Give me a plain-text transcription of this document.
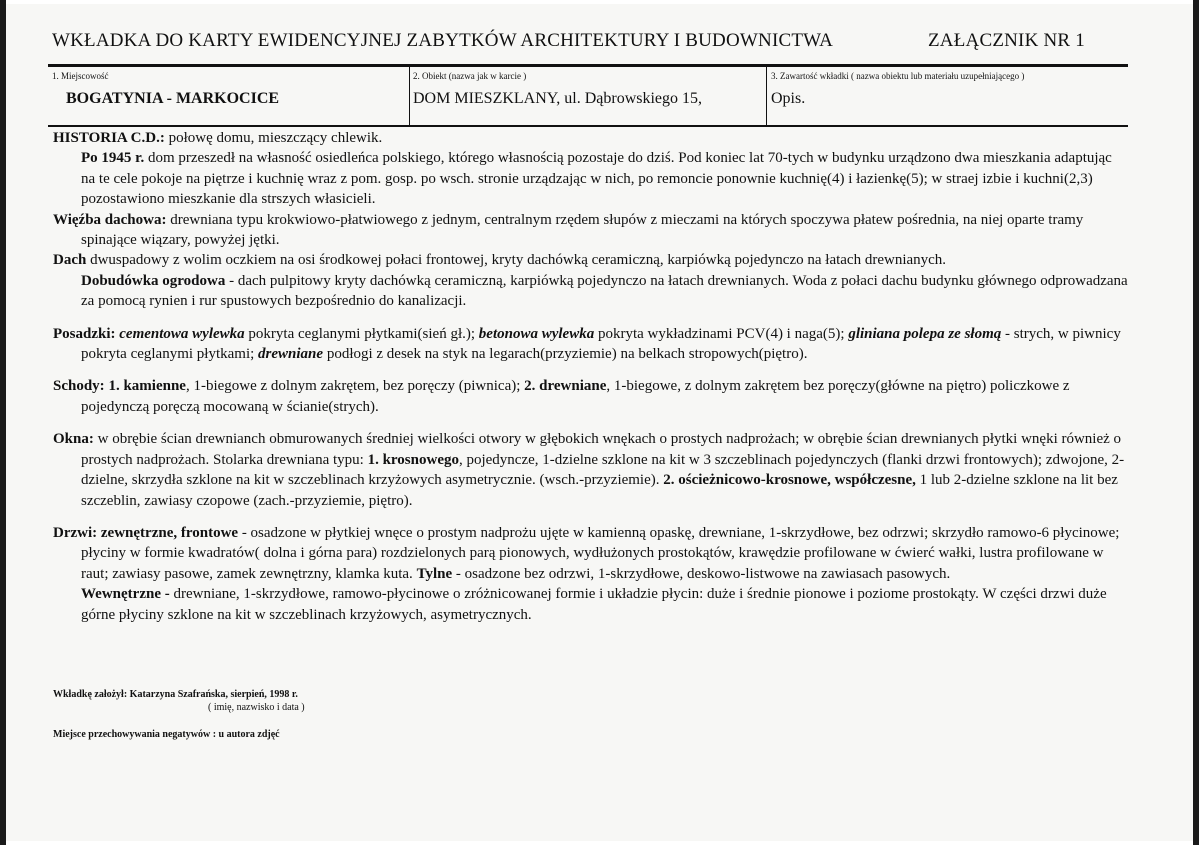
WKŁADKA DO KARTY EWIDENCYJNEJ ZABYTKÓW ARCHITEKTURY I BUDOWNICTWA	ZAŁĄCZNIK NR 1
1. Miejscowość
BOGATYNIA - MARKOCICE
2. Obiekt (nazwa jak w karcie )
DOM MIESZKLANY, ul. Dąbrowskiego 15,
3. Zawartość wkładki ( nazwa obiektu lub materiału uzupełniającego )
Opis.

HISTORIA C.D.: połowę domu, mieszczący chlewik.

Po 1945 r. dom przeszedł na własność osiedleńca polskiego, którego własnością pozostaje do dziś. Pod koniec lat 70-tych w budynku urządzono dwa mieszkania adaptując na te cele pokoje na piętrze i kuchnię wraz z pom. gosp. po wsch. stronie urządzając w nich, po remoncie ponownie kuchnię(4) i łazienkę(5); w straej izbie i kuchni(2,3) pozostawiono mieszkanie dla strszych własicieli.

Więźba dachowa: drewniana typu krokwiowo-płatwiowego z jednym, centralnym rzędem słupów z mieczami na których spoczywa płatew pośrednia, na niej oparte tramy spinające wiązary, powyżej jętki.

Dach dwuspadowy z wolim oczkiem na osi środkowej połaci frontowej, kryty dachówką ceramiczną, karpiówką pojedynczo na łatach drewnianych.

Dobudówka ogrodowa - dach pulpitowy kryty dachówką ceramiczną, karpiówką pojedynczo na łatach drewnianych. Woda z połaci dachu budynku głównego odprowadzana za pomocą rynien i rur spustowych bezpośrednio do kanalizacji.

Posadzki: cementowa wylewka pokryta ceglanymi płytkami(sień gł.); betonowa wylewka pokryta wykładzinami PCV(4) i naga(5); gliniana polepa ze słomą - strych, w piwnicy pokryta ceglanymi płytkami; drewniane podłogi z desek na styk na legarach(przyziemie) na belkach stropowych(piętro).

Schody: 1. kamienne, 1-biegowe z dolnym zakrętem, bez poręczy (piwnica); 2. drewniane, 1-biegowe, z dolnym zakrętem bez poręczy(główne na piętro) policzkowe z pojedynczą poręczą mocowaną w ścianie(strych).

Okna: w obrębie ścian drewnianch obmurowanych średniej wielkości otwory w głębokich wnękach o prostych nadprożach; w obrębie ścian drewnianych płytki wnęki również o prostych nadprożach. Stolarka drewniana typu: 1. krosnowego, pojedyncze, 1-dzielne szklone na kit w 3 szczeblinach pojedynczych (flanki drzwi frontowych); zdwojone, 2-dzielne, skrzydła szklone na kit w szczeblinach krzyżowych asymetrycznie. (wsch.-przyziemie). 2. ościeżnicowo-krosnowe, współczesne, 1 lub 2-dzielne szklone na lit bez szczeblin, zawiasy czopowe (zach.-przyziemie, piętro).

Drzwi: zewnętrzne, frontowe - osadzone w płytkiej wnęce o prostym nadprożu ujęte w kamienną opaskę, drewniane, 1-skrzydłowe, bez odrzwi; skrzydło ramowo-6 płycinowe; płyciny w formie kwadratów( dolna i górna para) rozdzielonych parą pionowych, wydłużonych prostokątów, krawędzie profilowane w ćwierć wałki, lustra profilowane w raut; zawiasy pasowe, zamek zewnętrzny, klamka kuta. Tylne - osadzone bez odrzwi, 1-skrzydłowe, deskowo-listwowe na zawiasach pasowych.

Wewnętrzne - drewniane, 1-skrzydłowe, ramowo-płycinowe o zróżnicowanej formie i układzie płycin: duże i średnie pionowe i poziome prostokąty. W części drzwi duże górne płyciny szklone na kit w szczeblinach krzyżowych, asymetrycznych.

Wkładkę założył: Katarzyna Szafrańska, sierpień, 1998 r.
( imię, nazwisko i data )
Miejsce przechowywania negatywów : u autora zdjęć
